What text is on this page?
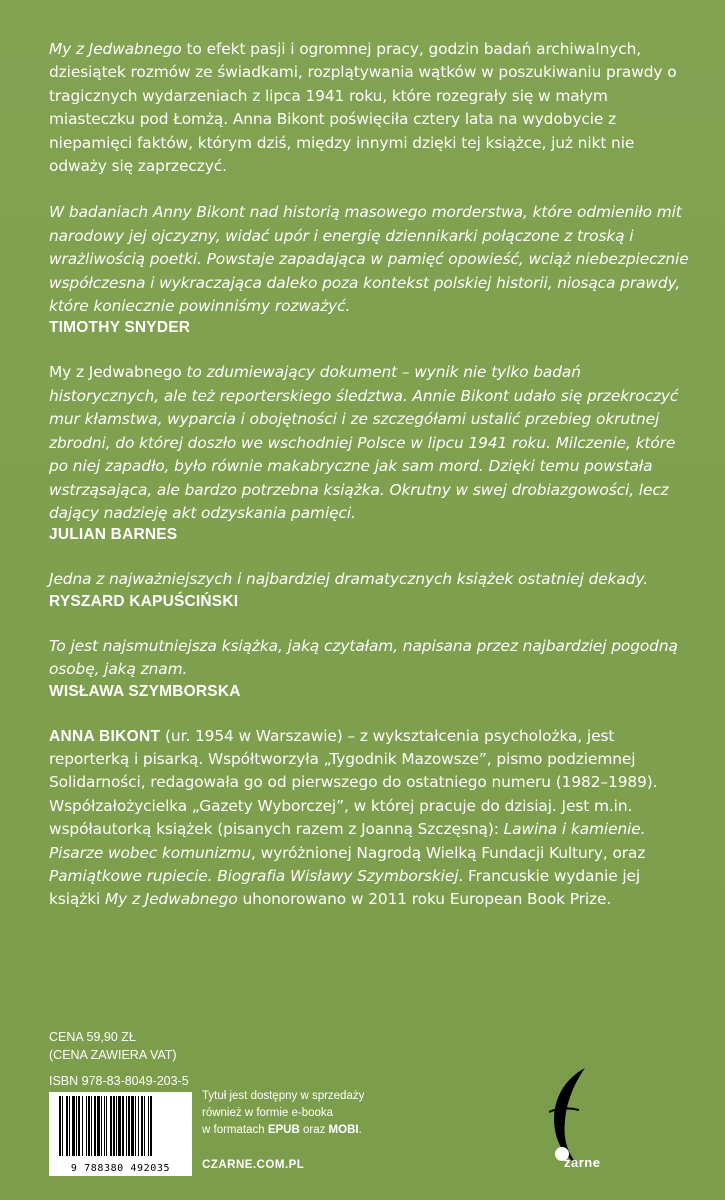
My z Jedwabnego to efekt pasji i ogromnej pracy, godzin badań archiwalnych, dziesiątek rozmów ze świadkami, rozplątywania wątków w poszukiwaniu prawdy o tragicznych wydarzeniach z lipca 1941 roku, które rozegrały się w małym miasteczku pod Łomżą. Anna Bikont poświęciła cztery lata na wydobycie z niepamięci faktów, którym dziś, między innymi dzięki tej książce, już nikt nie odważy się zaprzeczyć.

W badaniach Anny Bikont nad historią masowego morderstwa, które odmieniło mit narodowy jej ojczyzny, widać upór i energię dziennikarki połączone z troską i wrażliwością poetki. Powstaje zapadająca w pamięć opowieść, wciąż niebezpiecznie współczesna i wykraczająca daleko poza kontekst polskiej historii, niosąca prawdy, które koniecznie powinniśmy rozważyć.
TIMOTHY SNYDER

My z Jedwabnego to zdumiewający dokument – wynik nie tylko badań historycznych, ale też reporterskiego śledztwa. Annie Bikont udało się przekroczyć mur kłamstwa, wyparcia i obojętności i ze szczegółami ustalić przebieg okrutnej zbrodni, do której doszło we wschodniej Polsce w lipcu 1941 roku. Milczenie, które po niej zapadło, było równie makabryczne jak sam mord. Dzięki temu powstała wstrząsająca, ale bardzo potrzebna książka. Okrutny w swej drobiazgowości, lecz dający nadzieję akt odzyskania pamięci.
JULIAN BARNES

Jedna z najważniejszych i najbardziej dramatycznych książek ostatniej dekady.
RYSZARD KAPUŚCIŃSKI

To jest najsmutniejsza książka, jaką czytałam, napisana przez najbardziej pogodną osobę, jaką znam.
WISŁAWA SZYMBORSKA

ANNA BIKONT (ur. 1954 w Warszawie) – z wykształcenia psycholożka, jest reporterką i pisarką. Współtworzyła „Tygodnik Mazowsze”, pismo podziemnej Solidarności, redagowała go od pierwszego do ostatniego numeru (1982–1989). Współzałożycielka „Gazety Wyborczej”, w której pracuje do dzisiaj. Jest m.in. współautorką książek (pisanych razem z Joanną Szczęsną): Lawina i kamienie. Pisarze wobec komunizmu, wyróżnionej Nagrodą Wielką Fundacji Kultury, oraz Pamiątkowe rupiecie. Biografia Wisławy Szymborskiej. Francuskie wydanie jej książki My z Jedwabnego uhonorowano w 2011 roku European Book Prize.

CENA 59,90 ZŁ
(CENA ZAWIERA VAT)
ISBN 978-83-8049-203-5
9 788380 492035
Tytuł jest dostępny w sprzedaży
również w formie e-booka
w formatach EPUB oraz MOBI.
CZARNE.COM.PL	zarne
